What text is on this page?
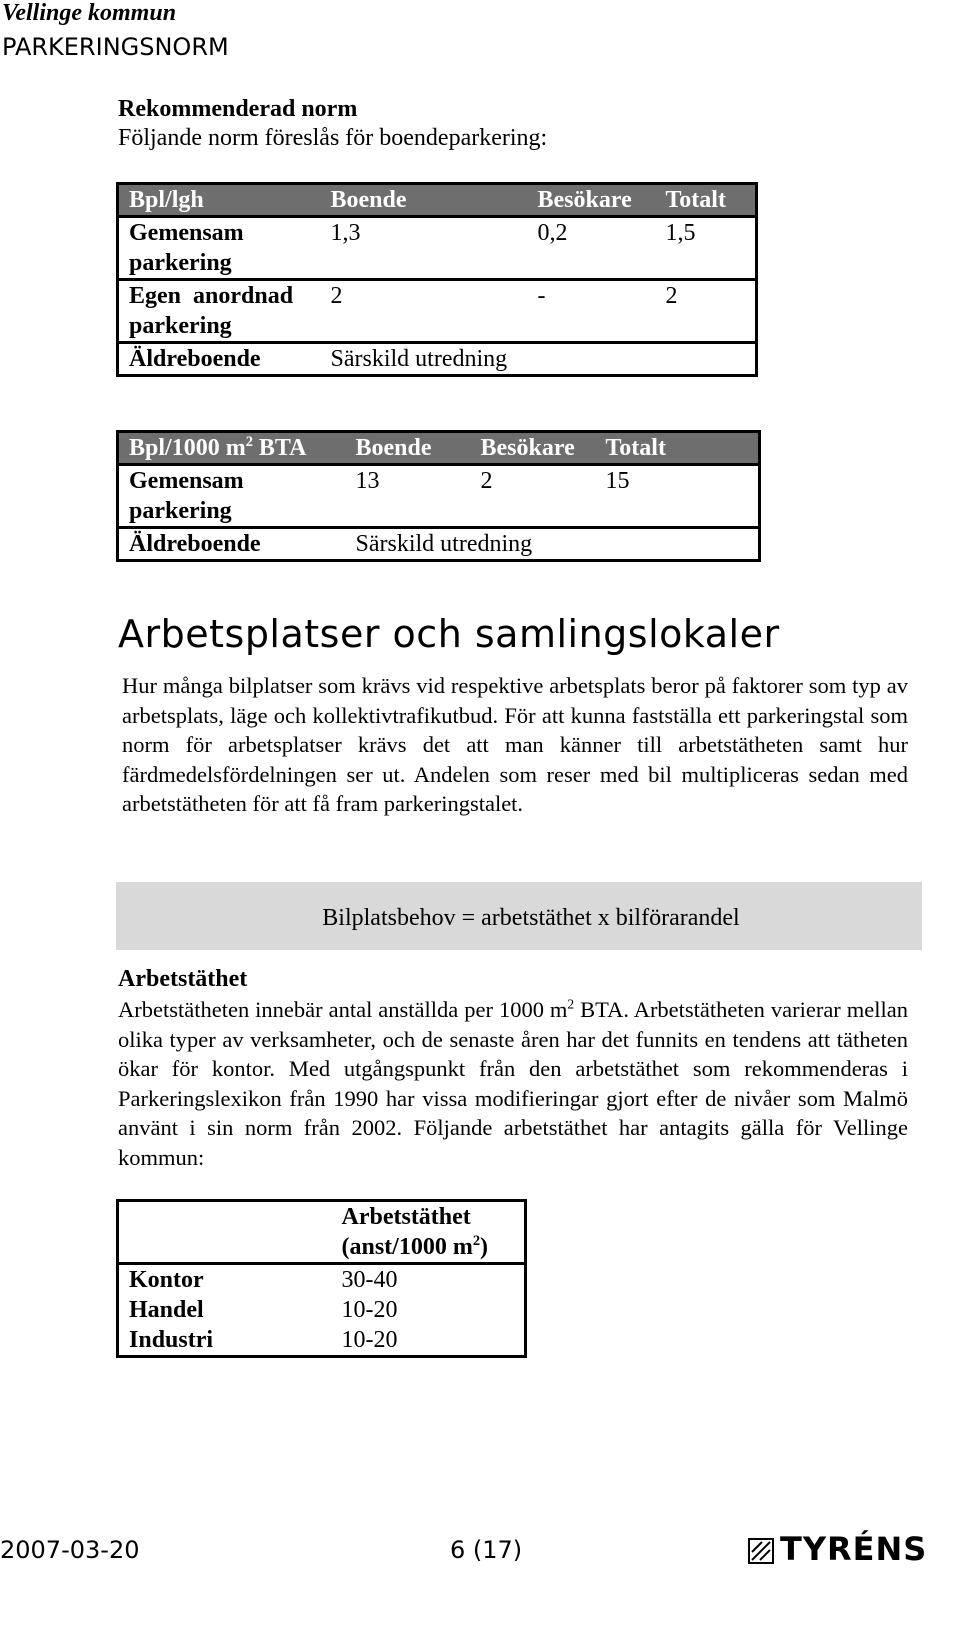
Vellinge kommun
PARKERINGSNORM
Rekommenderad norm
Följande norm föreslås för boendeparkering:
Bpl/lgh	Boende	Besökare	Totalt
Gemensam
parkering	1,3	0,2	1,5
Egen  anordnad
parkering	2	-	2
Äldreboende	Särskild utredning		
Bpl/1000 $m^2$ BTA	Boende	Besökare	Totalt
Gemensam
parkering	13	2	15
Äldreboende	Särskild utredning		
Arbetsplatser och samlingslokaler
Hur många bilplatser som krävs vid respektive arbetsplats beror på faktorer som typ av arbetsplats, läge och kollektivtrafikutbud. För att kunna fastställa ett parkeringstal som norm för arbetsplatser krävs det att man känner till arbetstätheten samt hur färdmedelsfördelningen ser ut. Andelen som reser med bil multipliceras sedan med arbetstätheten för att få fram parkeringstalet.
Bilplatsbehov = arbetstäthet x bilförarandel
Arbetstäthet
Arbetstätheten innebär antal anställda per 1000 $m^2$ BTA. Arbetstätheten varierar mellan olika typer av verksamheter, och de senaste åren har det funnits en tendens att tätheten ökar för kontor. Med utgångspunkt från den arbetstäthet som rekommenderas i Parkeringslexikon från 1990 har vissa modifieringar gjort efter de nivåer som Malmö använt i sin norm från 2002. Följande arbetstäthet har antagits gälla för Vellinge kommun:
	Arbetstäthet
(anst/1000 $m^2$)
Kontor	30-40
Handel	10-20
Industri	10-20
2007-03-20	6 (17)	TYRÉNS
